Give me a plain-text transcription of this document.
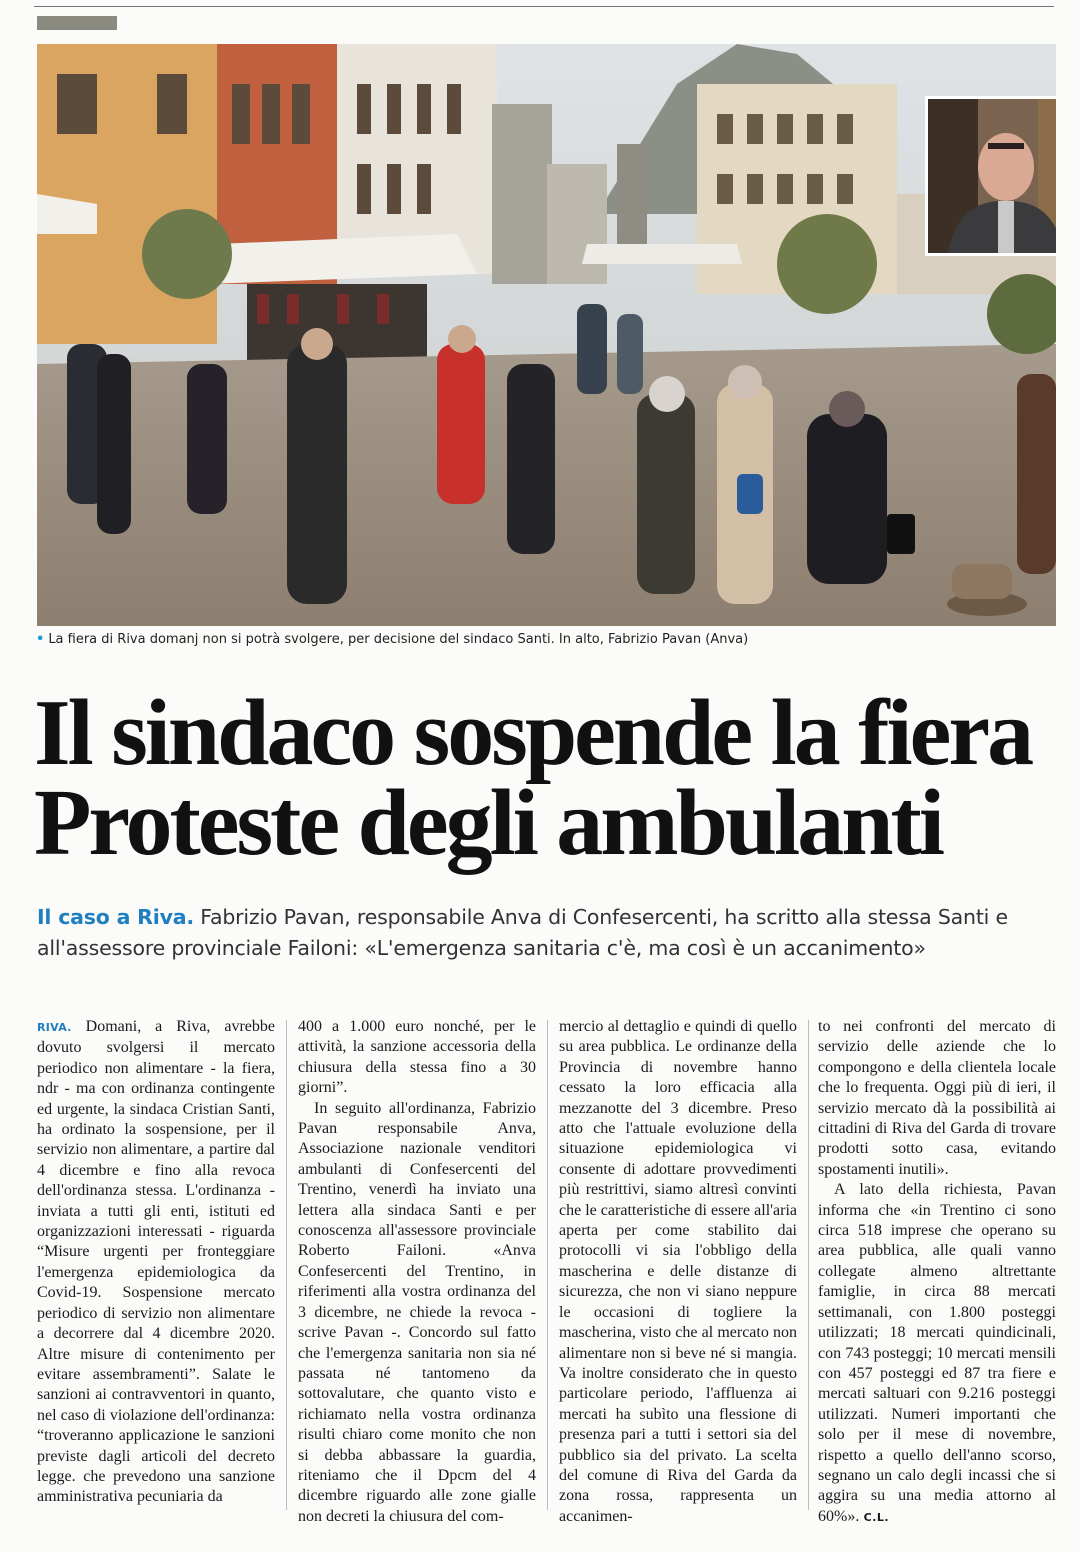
• La fiera di Riva domanj non si potrà svolgere, per decisione del sindaco Santi. In alto, Fabrizio Pavan (Anva)
Il sindaco sospende la fiera
Proteste degli ambulanti
Il caso a Riva. Fabrizio Pavan, responsabile Anva di Confesercenti, ha scritto alla stessa Santi e all'assessore provinciale Failoni: «L'emergenza sanitaria c'è, ma così è un accanimento»

RIVA. Domani, a Riva, avrebbe dovuto svolgersi il mercato periodico non alimentare - la fiera, ndr - ma con ordinanza contingente ed urgente, la sindaca Cristian Santi, ha ordinato la sospensione, per il servizio non alimentare, a partire dal 4 dicembre e fino alla revoca dell'ordinanza stessa. L'ordinanza - inviata a tutti gli enti, istituti ed organizzazioni interessati - riguarda “Misure urgenti per fronteggiare l'emergenza epidemiologica da Covid-19. Sospensione mercato periodico di servizio non alimentare a decorrere dal 4 dicembre 2020. Altre misure di contenimento per evitare assembramenti”. Salate le sanzioni ai contravventori in quanto, nel caso di violazione dell'ordinanza: “troveranno applicazione le sanzioni previste dagli articoli del decreto legge. che prevedono una sanzione amministrativa pecuniaria da

400 a 1.000 euro nonché, per le attività, la sanzione accessoria della chiusura della stessa fino a 30 giorni”.

In seguito all'ordinanza, Fabrizio Pavan responsabile Anva, Associazione nazionale venditori ambulanti di Confesercenti del Trentino, venerdì ha inviato una lettera alla sindaca Santi e per conoscenza all'assessore provinciale Roberto Failoni. «Anva Confesercenti del Trentino, in riferimenti alla vostra ordinanza del 3 dicembre, ne chiede la revoca - scrive Pavan -. Concordo sul fatto che l'emergenza sanitaria non sia né passata né tantomeno da sottovalutare, che quanto visto e richiamato nella vostra ordinanza risulti chiaro come monito che non si debba abbassare la guardia, riteniamo che il Dpcm del 4 dicembre riguardo alle zone gialle non decreti la chiusura del com-

mercio al dettaglio e quindi di quello su area pubblica. Le ordinanze della Provincia di novembre hanno cessato la loro efficacia alla mezzanotte del 3 dicembre. Preso atto che l'attuale evoluzione della situazione epidemiologica vi consente di adottare provvedimenti più restrittivi, siamo altresì convinti che le caratteristiche di essere all'aria aperta per come stabilito dai protocolli vi sia l'obbligo della mascherina e delle distanze di sicurezza, che non vi siano neppure le occasioni di togliere la mascherina, visto che al mercato non alimentare non si beve né si mangia. Va inoltre considerato che in questo particolare periodo, l'affluenza ai mercati ha subìto una flessione di presenza pari a tutti i settori sia del pubblico sia del privato. La scelta del comune di Riva del Garda da zona rossa, rappresenta un accanimen-

to nei confronti del mercato di servizio delle aziende che lo compongono e della clientela locale che lo frequenta. Oggi più di ieri, il servizio mercato dà la possibilità ai cittadini di Riva del Garda di trovare prodotti sotto casa, evitando spostamenti inutili».

A lato della richiesta, Pavan informa che «in Trentino ci sono circa 518 imprese che operano su area pubblica, alle quali vanno collegate almeno altrettante famiglie, in circa 88 mercati settimanali, con 1.800 posteggi utilizzati; 18 mercati quindicinali, con 743 posteggi; 10 mercati mensili con 457 posteggi ed 87 tra fiere e mercati saltuari con 9.216 posteggi utilizzati. Numeri importanti che solo per il mese di novembre, rispetto a quello dell'anno scorso, segnano un calo degli incassi che si aggira su una media attorno al 60%». C.L.
